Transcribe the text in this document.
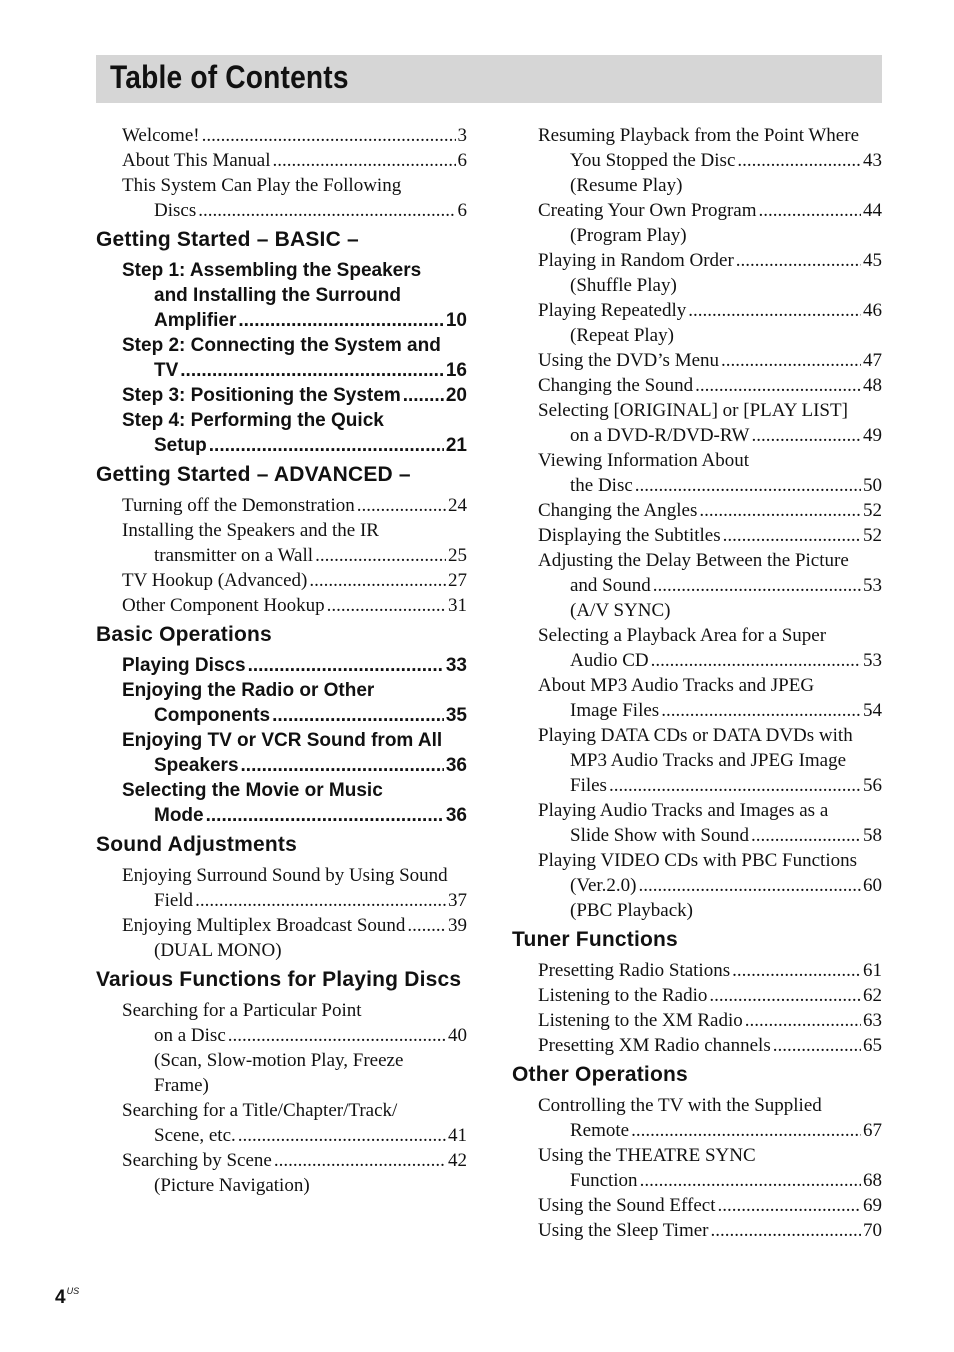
Table of Contents
Welcome! .....	3
About This Manual .....	6
This System Can Play the Following
Discs .....	6
Getting Started – BASIC –
Step 1: Assembling the Speakers
and Installing the Surround
Amplifier .....	10
Step 2: Connecting the System and
TV .....	16
Step 3: Positioning the System ..... 20
Step 4: Performing the Quick
Setup .....	21
Getting Started – ADVANCED –
Turning off the Demonstration .....	24
Installing the Speakers and the IR
transmitter on a Wall .....	25
TV Hookup (Advanced) .....	27
Other Component Hookup .....	31
Basic Operations
Playing Discs .....	33
Enjoying the Radio or Other
Components .....	35
Enjoying TV or VCR Sound from All
Speakers .....	36
Selecting the Movie or Music
Mode .....	36
Sound Adjustments
Enjoying Surround Sound by Using Sound
Field .....	37
Enjoying Multiplex Broadcast Sound ..... 39
(DUAL MONO)
Various Functions for Playing Discs
Searching for a Particular Point
on a Disc .....	40
(Scan, Slow-motion Play, Freeze
Frame)
Searching for a Title/Chapter/Track/
Scene, etc. .....	41
Searching by Scene .....	42
(Picture Navigation)
Resuming Playback from the Point Where
You Stopped the Disc .....	43
(Resume Play)
Creating Your Own Program .....	44
(Program Play)
Playing in Random Order .....	45
(Shuffle Play)
Playing Repeatedly .....	46
(Repeat Play)
Using the DVD’s Menu .....	47
Changing the Sound .....	48
Selecting [ORIGINAL] or [PLAY LIST]
on a DVD-R/DVD-RW .....	49
Viewing Information About
the Disc .....	50
Changing the Angles .....	52
Displaying the Subtitles .....	52
Adjusting the Delay Between the Picture
and Sound .....	53
(A/V SYNC)
Selecting a Playback Area for a Super
Audio CD .....	53
About MP3 Audio Tracks and JPEG
Image Files .....	54
Playing DATA CDs or DATA DVDs with
MP3 Audio Tracks and JPEG Image
Files .....	56
Playing Audio Tracks and Images as a
Slide Show with Sound .....	58
Playing VIDEO CDs with PBC Functions
(Ver.2.0) .....	60
(PBC Playback)
Tuner Functions
Presetting Radio Stations .....	61
Listening to the Radio .....	62
Listening to the XM Radio .....	63
Presetting XM Radio channels .....	65
Other Operations
Controlling the TV with the Supplied
Remote .....	67
Using the THEATRE SYNC
Function .....	68
Using the Sound Effect .....	69
Using the Sleep Timer .....	70
$4^{US}$
